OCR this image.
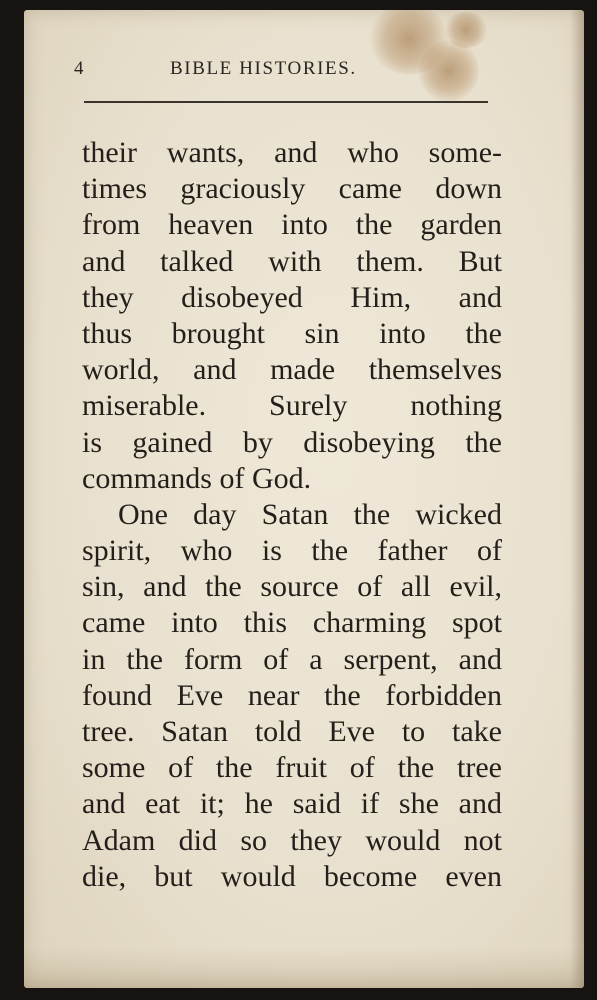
4	BIBLE HISTORIES.
their wants, and who some-
times graciously came down
from heaven into the garden
and talked with them. But
they disobeyed Him, and
thus brought sin into the
world, and made themselves
miserable. Surely nothing
is gained by disobeying the
commands of God.
One day Satan the wicked
spirit, who is the father of
sin, and the source of all evil,
came into this charming spot
in the form of a serpent, and
found Eve near the forbidden
tree. Satan told Eve to take
some of the fruit of the tree
and eat it; he said if she and
Adam did so they would not
die, but would become even
